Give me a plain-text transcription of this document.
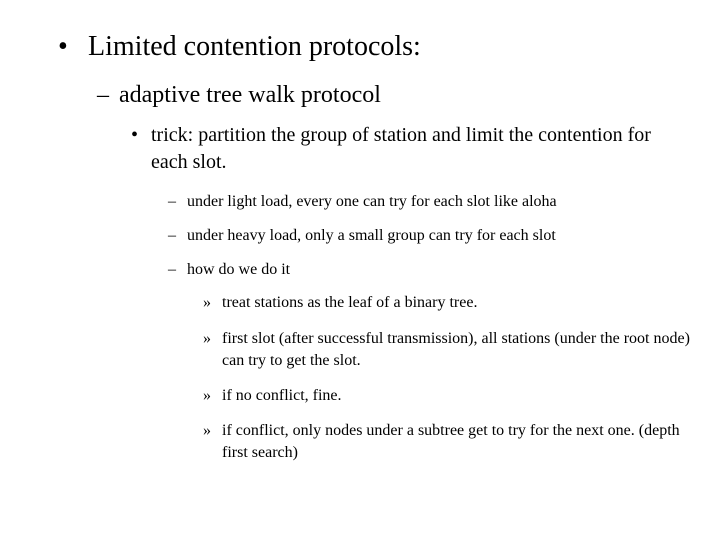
• Limited contention protocols:
– adaptive tree walk protocol
• trick: partition the group of station and limit the contention for each slot.
– under light load, every one can try for each slot like aloha
– under heavy load, only a small group can try for each slot
– how do we do it
» treat stations as the leaf of a binary tree.
» first slot (after successful transmission), all stations (under the root node) can try to get the slot.
» if no conflict, fine.
» if conflict, only nodes under a subtree get to try for the next one. (depth first search)
